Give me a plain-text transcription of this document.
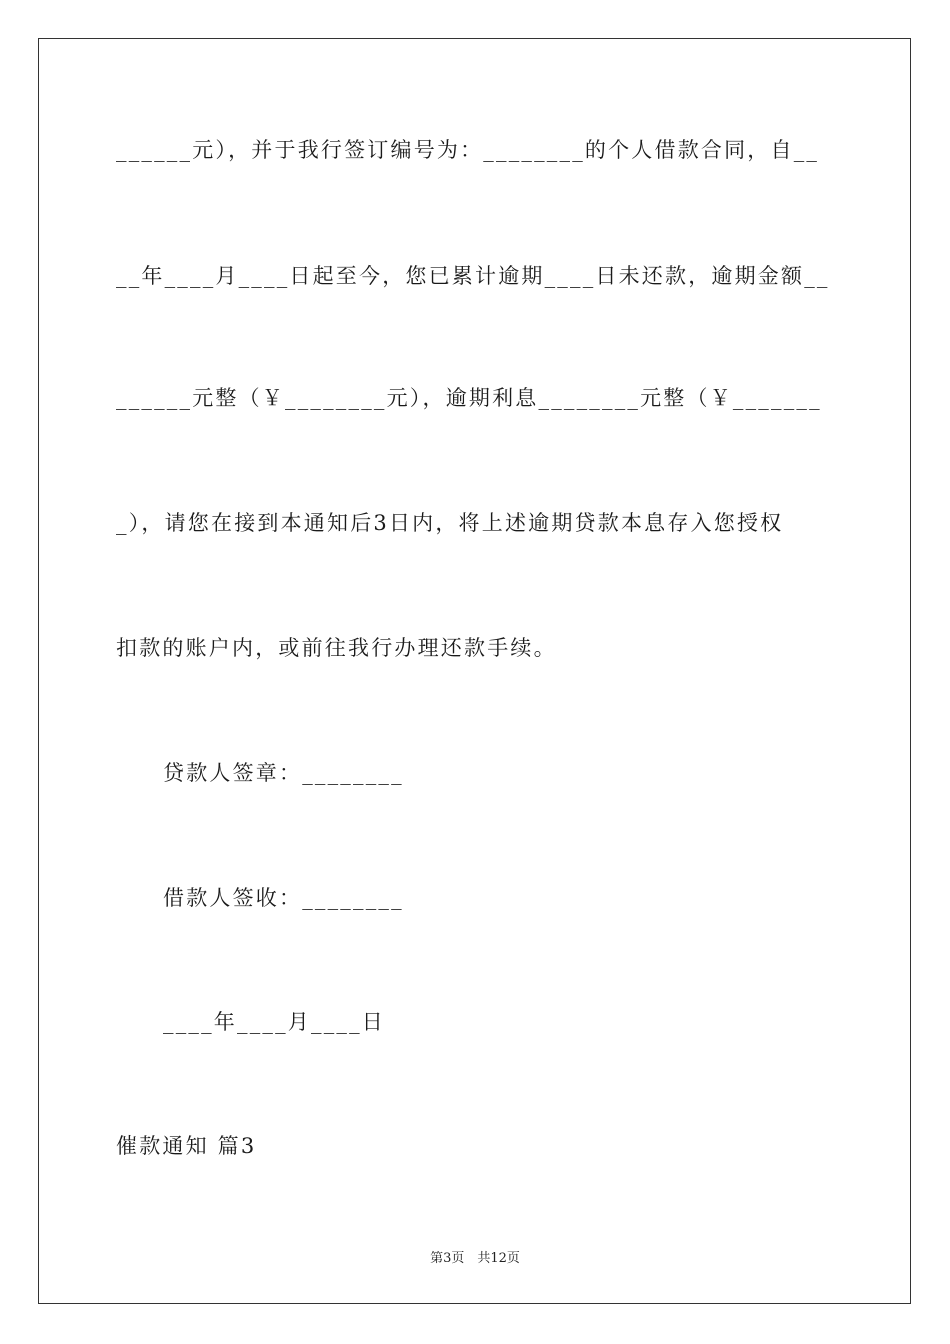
______元），并于我行签订编号为：________的个人借款合同，自__
__年____月____日起至今，您已累计逾期____日未还款，逾期金额__
______元整（￥________元），逾期利息________元整（￥_______
_），请您在接到本通知后3日内，将上述逾期贷款本息存入您授权
扣款的账户内，或前往我行办理还款手续。
贷款人签章：________
借款人签收：________
____年____月____日
催款通知 篇3
第3页　共12页
